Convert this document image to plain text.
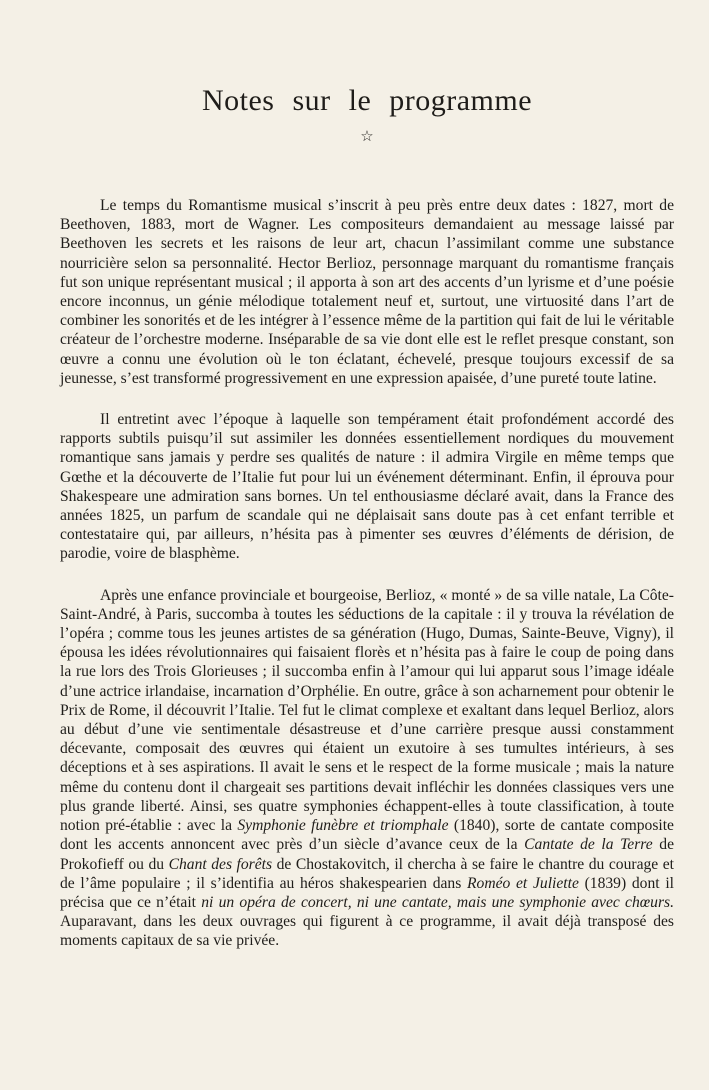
Notes sur le programme
☆

Le temps du Romantisme musical s’inscrit à peu près entre deux dates : 1827, mort de Beethoven, 1883, mort de Wagner. Les compositeurs demandaient au message laissé par Beethoven les secrets et les raisons de leur art, chacun l’assimilant comme une substance nourricière selon sa personnalité. Hector Berlioz, personnage marquant du romantisme français fut son unique représentant musical ; il apporta à son art des accents d’un lyrisme et d’une poésie encore inconnus, un génie mélodique totalement neuf et, surtout, une virtuosité dans l’art de combiner les sonorités et de les intégrer à l’essence même de la partition qui fait de lui le véritable créateur de l’orchestre moderne. Inséparable de sa vie dont elle est le reflet presque constant, son œuvre a connu une évolution où le ton éclatant, échevelé, presque toujours excessif de sa jeunesse, s’est transformé progressivement en une expression apaisée, d’une pureté toute latine.

Il entretint avec l’époque à laquelle son tempérament était profondément accordé des rapports subtils puisqu’il sut assimiler les données essentiellement nordiques du mouvement romantique sans jamais y perdre ses qualités de nature : il admira Virgile en même temps que Gœthe et la découverte de l’Italie fut pour lui un événement déterminant. Enfin, il éprouva pour Shakespeare une admiration sans bornes. Un tel enthousiasme déclaré avait, dans la France des années 1825, un parfum de scandale qui ne déplaisait sans doute pas à cet enfant terrible et contestataire qui, par ailleurs, n’hésita pas à pimenter ses œuvres d’éléments de dérision, de parodie, voire de blasphème.

Après une enfance provinciale et bourgeoise, Berlioz, « monté » de sa ville natale, La Côte-Saint-André, à Paris, succomba à toutes les séductions de la capitale : il y trouva la révélation de l’opéra ; comme tous les jeunes artistes de sa génération (Hugo, Dumas, Sainte-Beuve, Vigny), il épousa les idées révolutionnaires qui faisaient florès et n’hésita pas à faire le coup de poing dans la rue lors des Trois Glorieuses ; il succomba enfin à l’amour qui lui apparut sous l’image idéale d’une actrice irlandaise, incarnation d’Orphélie. En outre, grâce à son acharnement pour obtenir le Prix de Rome, il découvrit l’Italie. Tel fut le climat complexe et exaltant dans lequel Berlioz, alors au début d’une vie sentimentale désastreuse et d’une carrière presque aussi constamment décevante, composait des œuvres qui étaient un exutoire à ses tumultes intérieurs, à ses déceptions et à ses aspirations. Il avait le sens et le respect de la forme musicale ; mais la nature même du contenu dont il chargeait ses partitions devait infléchir les données classiques vers une plus grande liberté. Ainsi, ses quatre symphonies échappent-elles à toute classification, à toute notion pré-établie : avec la Symphonie funèbre et triomphale (1840), sorte de cantate composite dont les accents annoncent avec près d’un siècle d’avance ceux de la Cantate de la Terre de Prokofieff ou du Chant des forêts de Chostakovitch, il chercha à se faire le chantre du courage et de l’âme populaire ; il s’identifia au héros shakespearien dans Roméo et Juliette (1839) dont il précisa que ce n’était ni un opéra de concert, ni une cantate, mais une symphonie avec chœurs. Auparavant, dans les deux ouvrages qui figurent à ce programme, il avait déjà transposé des moments capitaux de sa vie privée.
